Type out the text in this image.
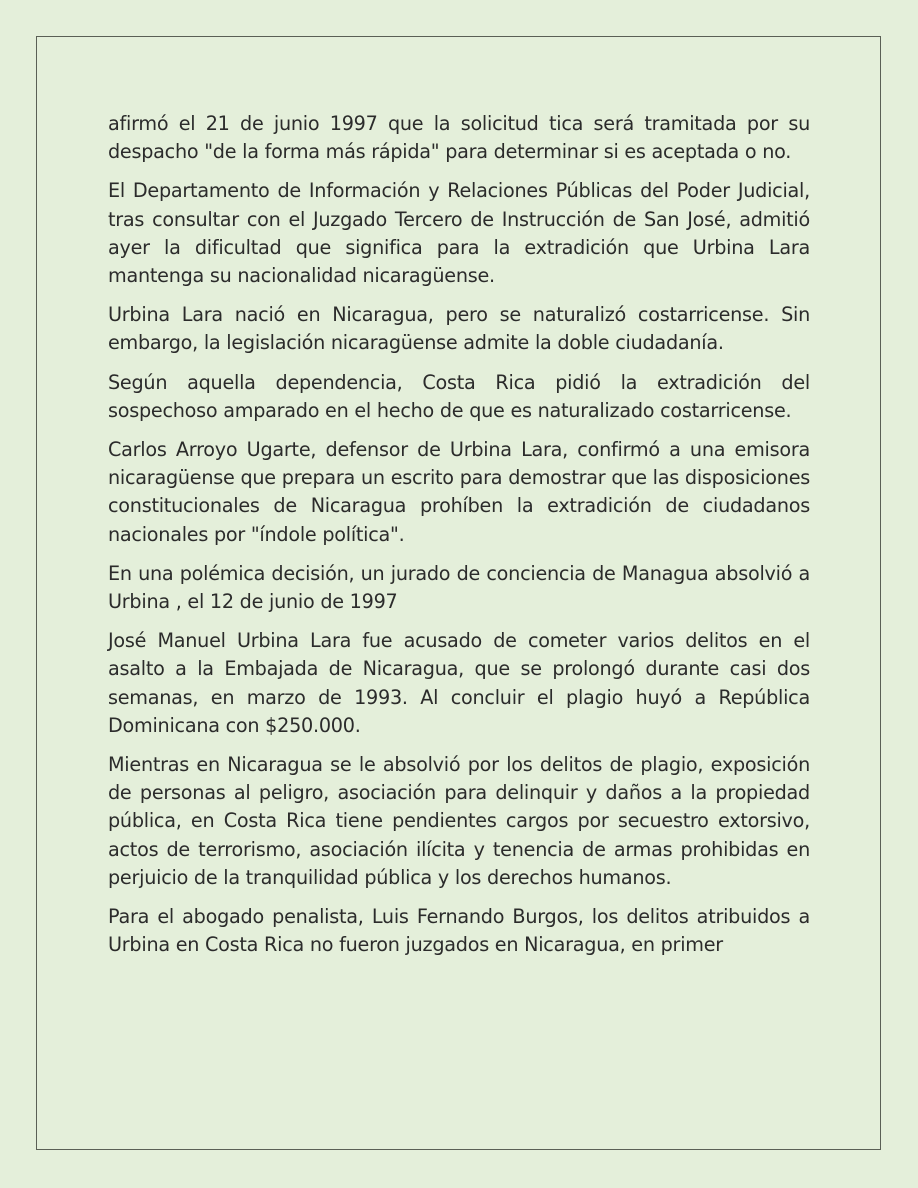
afirmó el 21 de junio 1997 que la solicitud tica será tramitada por su despacho "de la forma más rápida" para determinar si es aceptada o no.

El Departamento de Información y Relaciones Públicas del Poder Judicial, tras consultar con el Juzgado Tercero de Instrucción de San José, admitió ayer la dificultad que significa para la extradición que Urbina Lara mantenga su nacionalidad nicaragüense.

Urbina Lara nació en Nicaragua, pero se naturalizó costarricense. Sin embargo, la legislación nicaragüense admite la doble ciudadanía.

Según aquella dependencia, Costa Rica pidió la extradición del sospechoso amparado en el hecho de que es naturalizado costarricense.

Carlos Arroyo Ugarte, defensor de Urbina Lara, confirmó a una emisora nicaragüense que prepara un escrito para demostrar que las disposiciones constitucionales de Nicaragua prohíben la extradición de ciudadanos nacionales por "índole política".

En una polémica decisión, un jurado de conciencia de Managua absolvió a Urbina , el 12 de junio de 1997

José Manuel Urbina Lara fue acusado de cometer varios delitos en el asalto a la Embajada de Nicaragua, que se prolongó durante casi dos semanas, en marzo de 1993. Al concluir el plagio huyó a República Dominicana con $250.000.

Mientras en Nicaragua se le absolvió por los delitos de plagio, exposición de personas al peligro, asociación para delinquir y daños a la propiedad pública, en Costa Rica tiene pendientes cargos por secuestro extorsivo, actos de terrorismo, asociación ilícita y tenencia de armas prohibidas en perjuicio de la tranquilidad pública y los derechos humanos.

Para el abogado penalista, Luis Fernando Burgos, los delitos atribuidos a Urbina en Costa Rica no fueron juzgados en Nicaragua, en primer
